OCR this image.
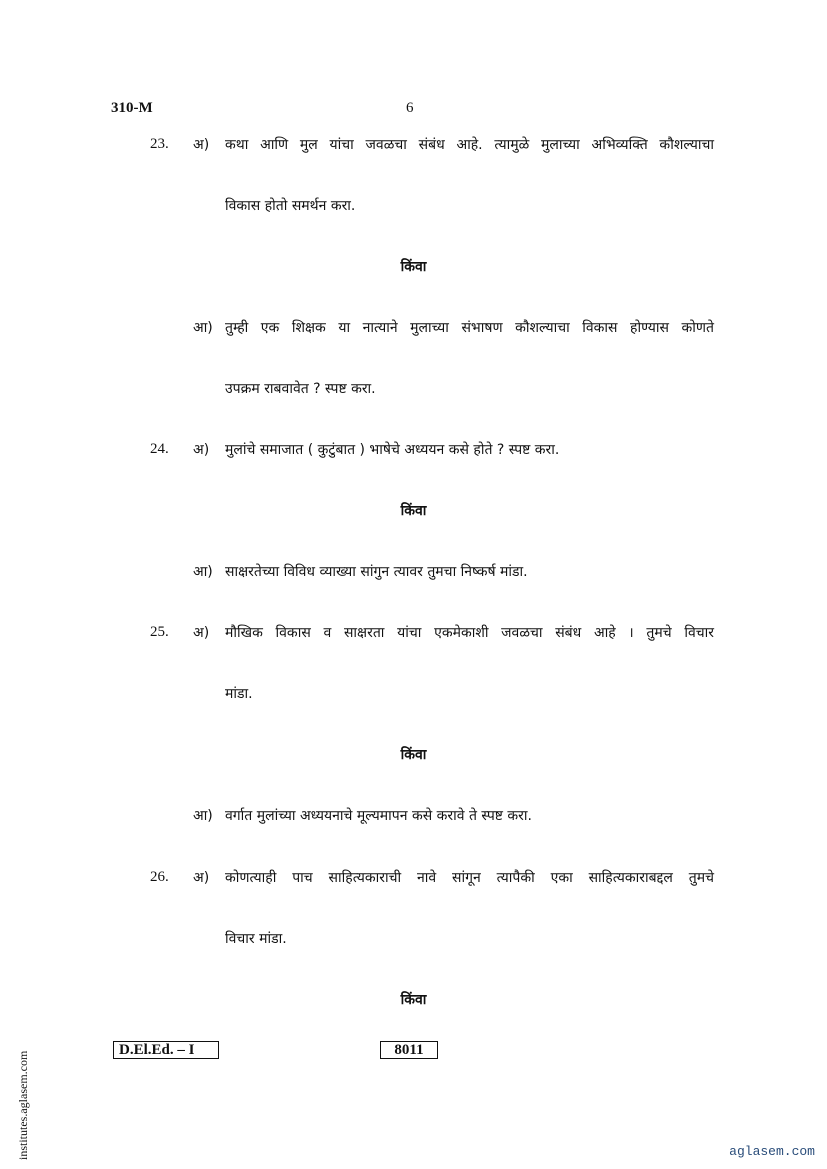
310-M	6
23. अ) कथा आणि मुल यांचा जवळचा संबंध आहे. त्यामुळे मुलाच्या अभिव्यक्ति कौशल्याचा
विकास होतो समर्थन करा.
किंवा
आ) तुम्ही एक शिक्षक या नात्याने मुलाच्या संभाषण कौशल्याचा विकास होण्यास कोणते
उपक्रम राबवावेत ? स्पष्ट करा.
24. अ) मुलांचे समाजात ( कुटुंबात ) भाषेचे अध्ययन कसे होते ? स्पष्ट करा.
किंवा
आ) साक्षरतेच्या विविध व्याख्या सांगुन त्यावर तुमचा निष्कर्ष मांडा.
25. अ) मौखिक विकास व साक्षरता यांचा एकमेकाशी जवळचा संबंध आहे । तुमचे विचार
मांडा.
किंवा
आ) वर्गात मुलांच्या अध्ययनाचे मूल्यमापन कसे करावे ते स्पष्ट करा.
26. अ) कोणत्याही पाच साहित्यकाराची नावे सांगून त्यापैकी एका साहित्यकाराबद्दल तुमचे
विचार मांडा.
किंवा
D.El.Ed. – I	8011
institutes.aglasem.com	aglasem.com
